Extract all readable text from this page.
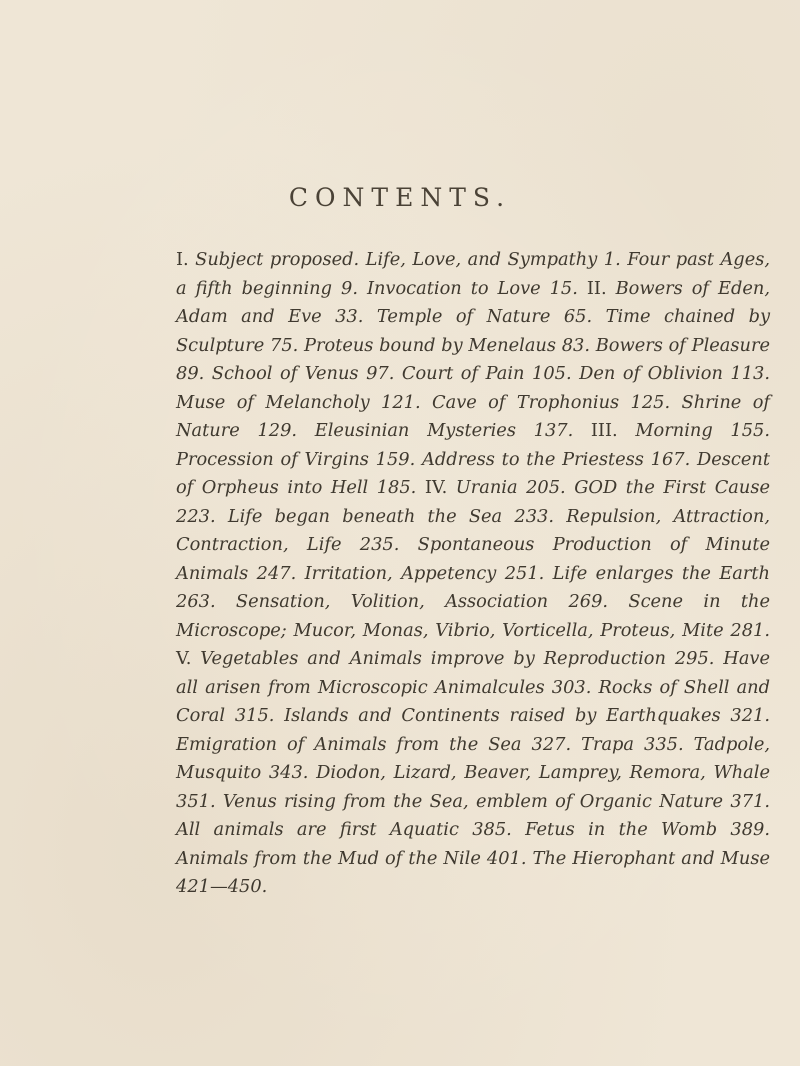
CONTENTS.
I. Subject proposed. Life, Love, and Sympathy 1. Four past Ages, a fifth beginning 9. Invocation to Love 15. II. Bowers of Eden, Adam and Eve 33. Temple of Nature 65. Time chained by Sculpture 75. Proteus bound by Menelaus 83. Bowers of Pleasure 89. School of Venus 97. Court of Pain 105. Den of Oblivion 113. Muse of Melancholy 121. Cave of Trophonius 125. Shrine of Nature 129. Eleusinian Mysteries 137. III. Morning 155. Procession of Virgins 159. Address to the Priestess 167. Descent of Orpheus into Hell 185. IV. Urania 205. GOD the First Cause 223. Life began beneath the Sea 233. Repulsion, Attraction, Contraction, Life 235. Spontaneous Production of Minute Animals 247. Irritation, Appetency 251. Life enlarges the Earth 263. Sensation, Volition, Association 269. Scene in the Microscope; Mucor, Monas, Vibrio, Vorticella, Proteus, Mite 281. V. Vegetables and Animals improve by Reproduction 295. Have all arisen from Microscopic Animalcules 303. Rocks of Shell and Coral 315. Islands and Continents raised by Earthquakes 321. Emigration of Animals from the Sea 327. Trapa 335. Tadpole, Musquito 343. Diodon, Lizard, Beaver, Lamprey, Remora, Whale 351. Venus rising from the Sea, emblem of Organic Nature 371. All animals are first Aquatic 385. Fetus in the Womb 389. Animals from the Mud of the Nile 401. The Hierophant and Muse 421—450.
